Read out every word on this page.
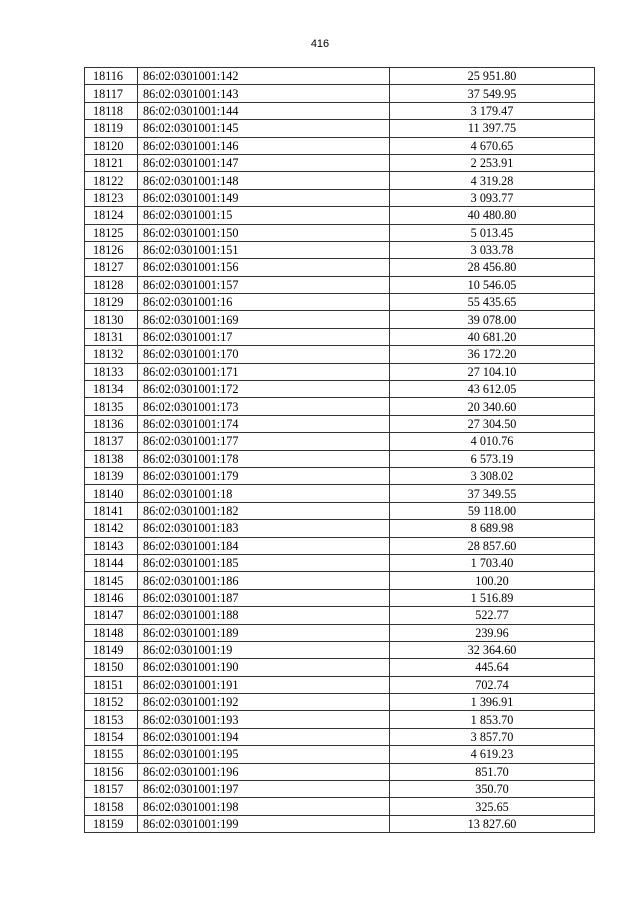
416
18116	86:02:0301001:142	25 951.80
18117	86:02:0301001:143	37 549.95
18118	86:02:0301001:144	3 179.47
18119	86:02:0301001:145	11 397.75
18120	86:02:0301001:146	4 670.65
18121	86:02:0301001:147	2 253.91
18122	86:02:0301001:148	4 319.28
18123	86:02:0301001:149	3 093.77
18124	86:02:0301001:15	40 480.80
18125	86:02:0301001:150	5 013.45
18126	86:02:0301001:151	3 033.78
18127	86:02:0301001:156	28 456.80
18128	86:02:0301001:157	10 546.05
18129	86:02:0301001:16	55 435.65
18130	86:02:0301001:169	39 078.00
18131	86:02:0301001:17	40 681.20
18132	86:02:0301001:170	36 172.20
18133	86:02:0301001:171	27 104.10
18134	86:02:0301001:172	43 612.05
18135	86:02:0301001:173	20 340.60
18136	86:02:0301001:174	27 304.50
18137	86:02:0301001:177	4 010.76
18138	86:02:0301001:178	6 573.19
18139	86:02:0301001:179	3 308.02
18140	86:02:0301001:18	37 349.55
18141	86:02:0301001:182	59 118.00
18142	86:02:0301001:183	8 689.98
18143	86:02:0301001:184	28 857.60
18144	86:02:0301001:185	1 703.40
18145	86:02:0301001:186	100.20
18146	86:02:0301001:187	1 516.89
18147	86:02:0301001:188	522.77
18148	86:02:0301001:189	239.96
18149	86:02:0301001:19	32 364.60
18150	86:02:0301001:190	445.64
18151	86:02:0301001:191	702.74
18152	86:02:0301001:192	1 396.91
18153	86:02:0301001:193	1 853.70
18154	86:02:0301001:194	3 857.70
18155	86:02:0301001:195	4 619.23
18156	86:02:0301001:196	851.70
18157	86:02:0301001:197	350.70
18158	86:02:0301001:198	325.65
18159	86:02:0301001:199	13 827.60
